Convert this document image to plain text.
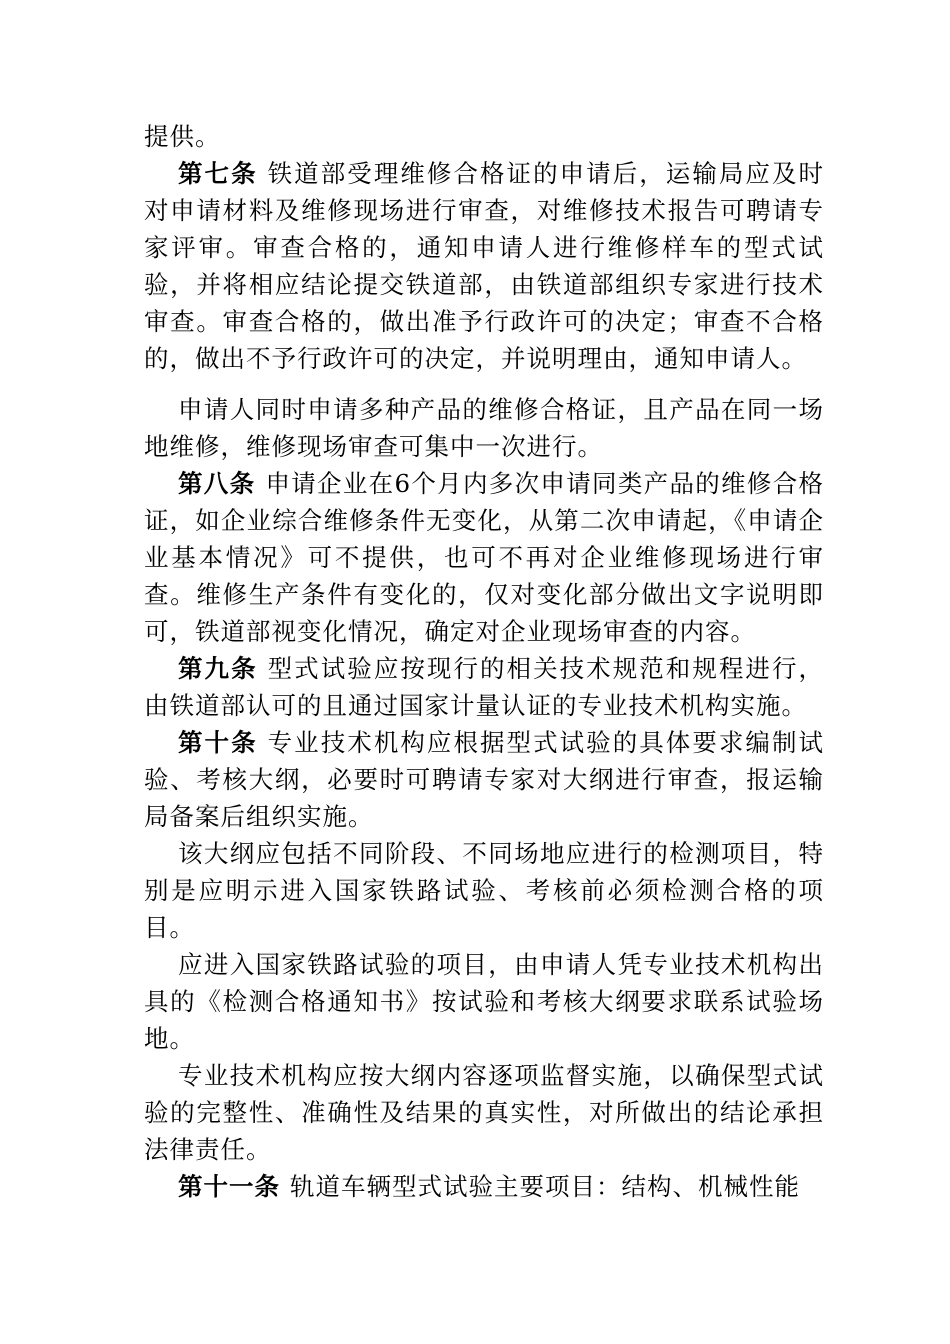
提供。

第七条 铁道部受理维修合格证的申请后，运输局应及时对申请材料及维修现场进行审查，对维修技术报告可聘请专家评审。审查合格的，通知申请人进行维修样车的型式试验，并将相应结论提交铁道部，由铁道部组织专家进行技术审查。审查合格的，做出准予行政许可的决定；审查不合格的，做出不予行政许可的决定，并说明理由，通知申请人。

申请人同时申请多种产品的维修合格证，且产品在同一场地维修，维修现场审查可集中一次进行。

第八条 申请企业在6个月内多次申请同类产品的维修合格证，如企业综合维修条件无变化，从第二次申请起，《申请企业基本情况》可不提供，也可不再对企业维修现场进行审查。维修生产条件有变化的，仅对变化部分做出文字说明即可，铁道部视变化情况，确定对企业现场审查的内容。

第九条 型式试验应按现行的相关技术规范和规程进行，由铁道部认可的且通过国家计量认证的专业技术机构实施。

第十条 专业技术机构应根据型式试验的具体要求编制试验、考核大纲，必要时可聘请专家对大纲进行审查，报运输局备案后组织实施。

该大纲应包括不同阶段、不同场地应进行的检测项目，特别是应明示进入国家铁路试验、考核前必须检测合格的项目。

应进入国家铁路试验的项目，由申请人凭专业技术机构出具的《检测合格通知书》按试验和考核大纲要求联系试验场地。

专业技术机构应按大纲内容逐项监督实施，以确保型式试验的完整性、准确性及结果的真实性，对所做出的结论承担法律责任。

第十一条 轨道车辆型式试验主要项目：结构、机械性能
